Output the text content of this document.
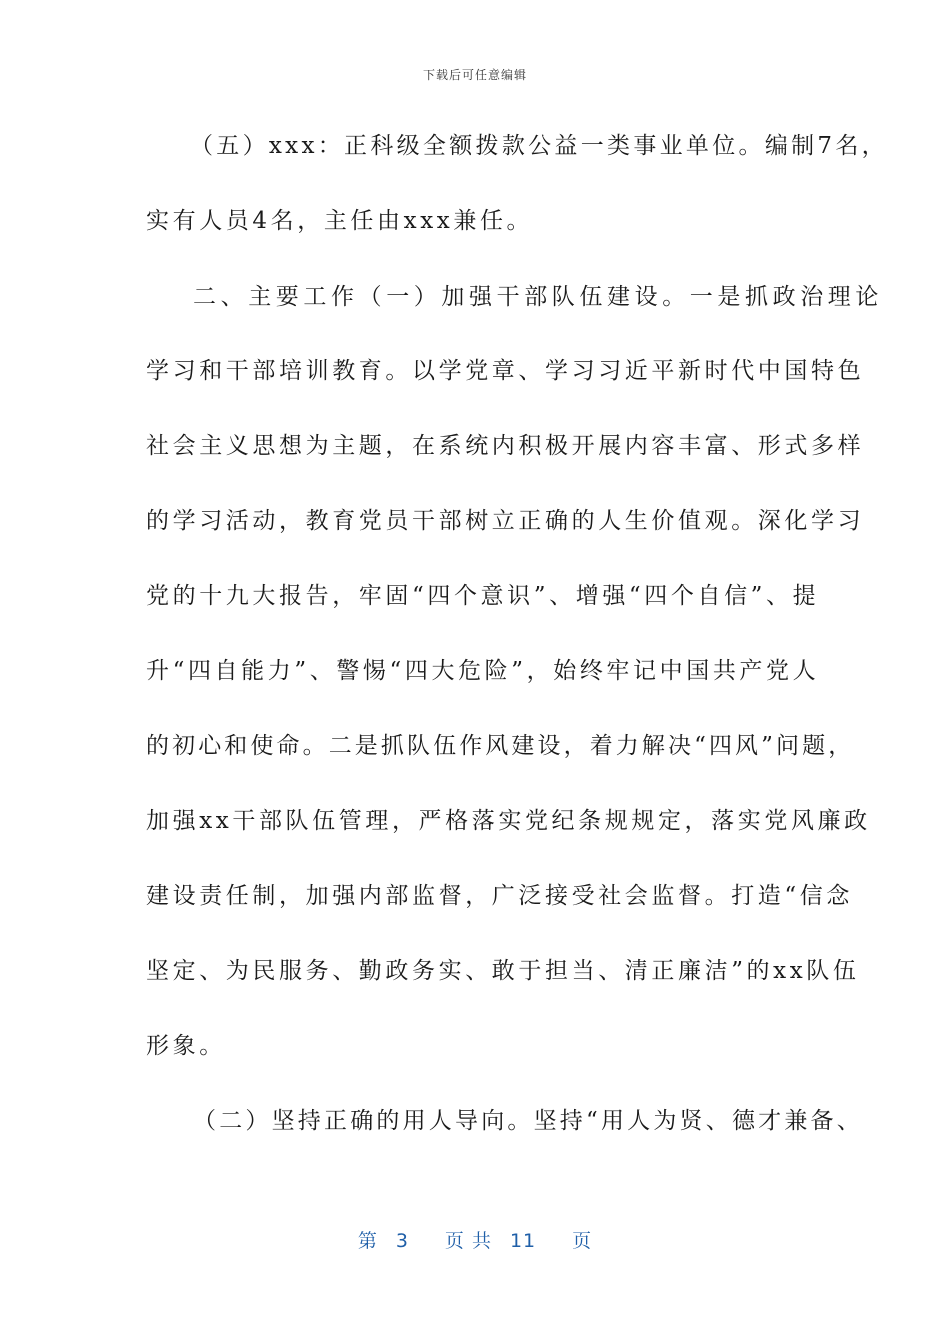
下载后可任意编辑
（五）xxx：正科级全额拨款公益一类事业单位。编制7名，
实有人员4名，主任由xxx兼任。
二、主要工作（一）加强干部队伍建设。一是抓政治理论
学习和干部培训教育。以学党章、学习习近平新时代中国特色
社会主义思想为主题，在系统内积极开展内容丰富、形式多样
的学习活动，教育党员干部树立正确的人生价值观。深化学习
党的十九大报告，牢固“四个意识”、增强“四个自信”、提
升“四自能力”、警惕“四大危险”，始终牢记中国共产党人
的初心和使命。二是抓队伍作风建设，着力解决“四风”问题，
加强xx干部队伍管理，严格落实党纪条规规定，落实党风廉政
建设责任制，加强内部监督，广泛接受社会监督。打造“信念
坚定、为民服务、勤政务实、敢于担当、清正廉洁”的xx队伍
形象。
（二）坚持正确的用人导向。坚持“用人为贤、德才兼备、
第 3 页 共 11 页
